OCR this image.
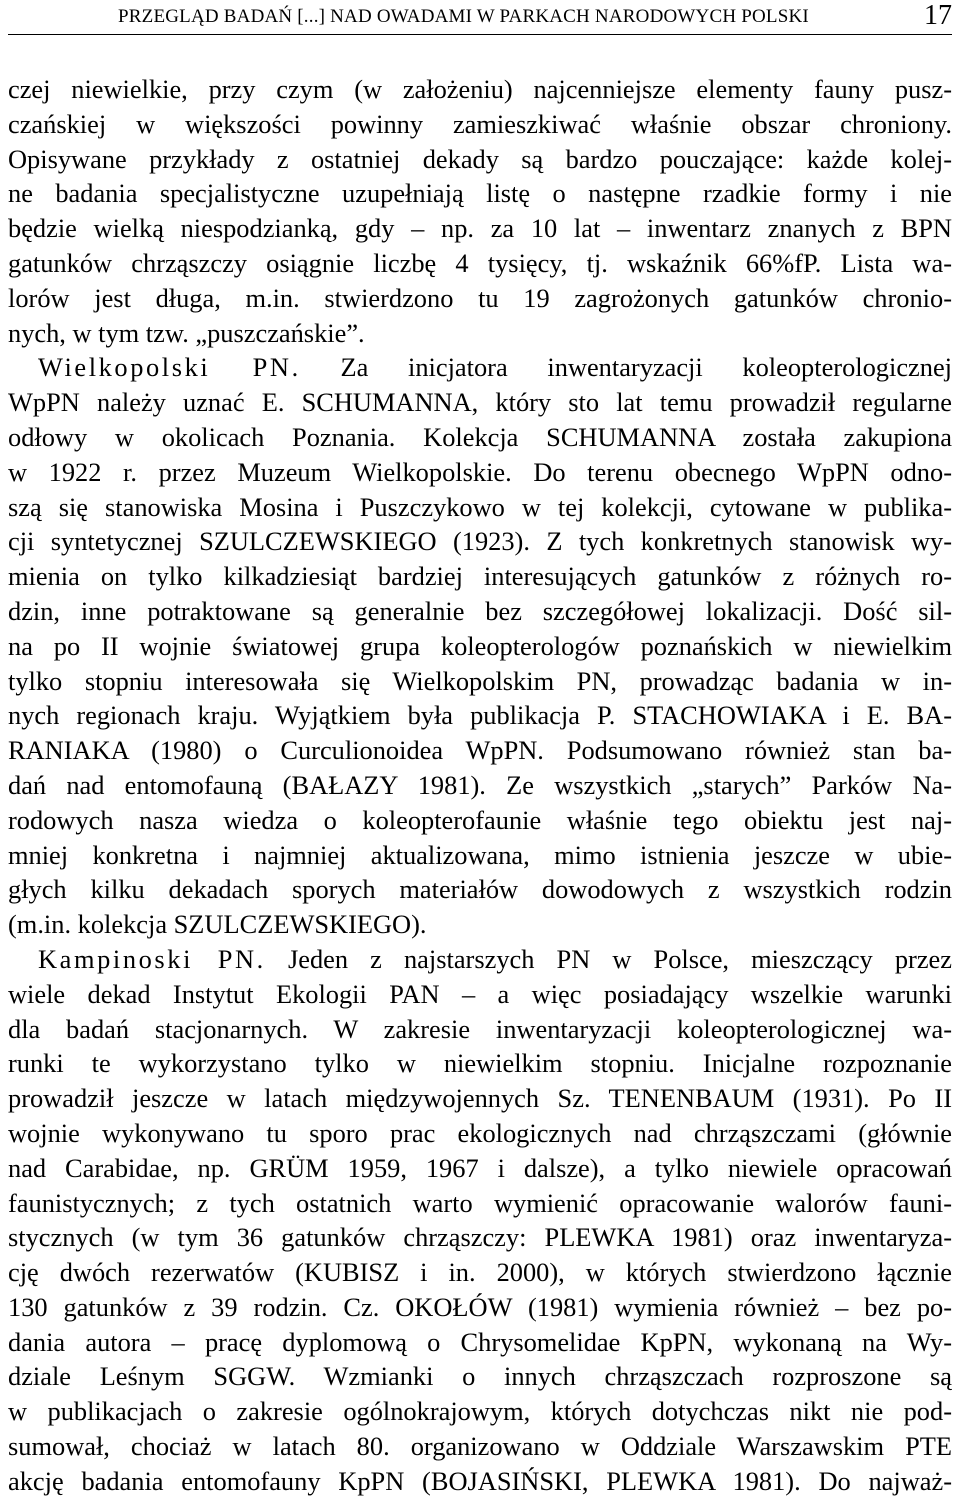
PRZEGLĄD BADAŃ [...] NAD OWADAMI W PARKACH NARODOWYCH POLSKI	17
czej niewielkie, przy czym (w założeniu) najcenniejsze elementy fauny pusz-
czańskiej w większości powinny zamieszkiwać właśnie obszar chroniony.
Opisywane przykłady z ostatniej dekady są bardzo pouczające: każde kolej-
ne badania specjalistyczne uzupełniają listę o następne rzadkie formy i nie
będzie wielką niespodzianką, gdy – np. za 10 lat – inwentarz znanych z BPN
gatunków chrząszczy osiągnie liczbę 4 tysięcy, tj. wskaźnik 66%fP. Lista wa-
lorów jest długa, m.in. stwierdzono tu 19 zagrożonych gatunków chronio-
nych, w tym tzw. „puszczańskie”.
Wielkopolski PN. Za inicjatora inwentaryzacji koleopterologicznej
WpPN należy uznać E. SCHUMANNA, który sto lat temu prowadził regularne
odłowy w okolicach Poznania. Kolekcja SCHUMANNA została zakupiona
w 1922 r. przez Muzeum Wielkopolskie. Do terenu obecnego WpPN odno-
szą się stanowiska Mosina i Puszczykowo w tej kolekcji, cytowane w publika-
cji syntetycznej SZULCZEWSKIEGO (1923). Z tych konkretnych stanowisk wy-
mienia on tylko kilkadziesiąt bardziej interesujących gatunków z różnych ro-
dzin, inne potraktowane są generalnie bez szczegółowej lokalizacji. Dość sil-
na po II wojnie światowej grupa koleopterologów poznańskich w niewielkim
tylko stopniu interesowała się Wielkopolskim PN, prowadząc badania w in-
nych regionach kraju. Wyjątkiem była publikacja P. STACHOWIAKA i E. BA-
RANIAKA (1980) o Curculionoidea WpPN. Podsumowano również stan ba-
dań nad entomofauną (BAŁAZY 1981). Ze wszystkich „starych” Parków Na-
rodowych nasza wiedza o koleopterofaunie właśnie tego obiektu jest naj-
mniej konkretna i najmniej aktualizowana, mimo istnienia jeszcze w ubie-
głych kilku dekadach sporych materiałów dowodowych z wszystkich rodzin
(m.in. kolekcja SZULCZEWSKIEGO).
Kampinoski PN. Jeden z najstarszych PN w Polsce, mieszczący przez
wiele dekad Instytut Ekologii PAN – a więc posiadający wszelkie warunki
dla badań stacjonarnych. W zakresie inwentaryzacji koleopterologicznej wa-
runki te wykorzystano tylko w niewielkim stopniu. Inicjalne rozpoznanie
prowadził jeszcze w latach międzywojennych Sz. TENENBAUM (1931). Po II
wojnie wykonywano tu sporo prac ekologicznych nad chrząszczami (głównie
nad Carabidae, np. GRÜM 1959, 1967 i dalsze), a tylko niewiele opracowań
faunistycznych; z tych ostatnich warto wymienić opracowanie walorów fauni-
stycznych (w tym 36 gatunków chrząszczy: PLEWKA 1981) oraz inwentaryza-
cję dwóch rezerwatów (KUBISZ i in. 2000), w których stwierdzono łącznie
130 gatunków z 39 rodzin. Cz. OKOŁÓW (1981) wymienia również – bez po-
dania autora – pracę dyplomową o Chrysomelidae KpPN, wykonaną na Wy-
dziale Leśnym SGGW. Wzmianki o innych chrząszczach rozproszone są
w publikacjach o zakresie ogólnokrajowym, których dotychczas nikt nie pod-
sumował, chociaż w latach 80. organizowano w Oddziale Warszawskim PTE
akcję badania entomofauny KpPN (BOJASIŃSKI, PLEWKA 1981). Do najważ-
